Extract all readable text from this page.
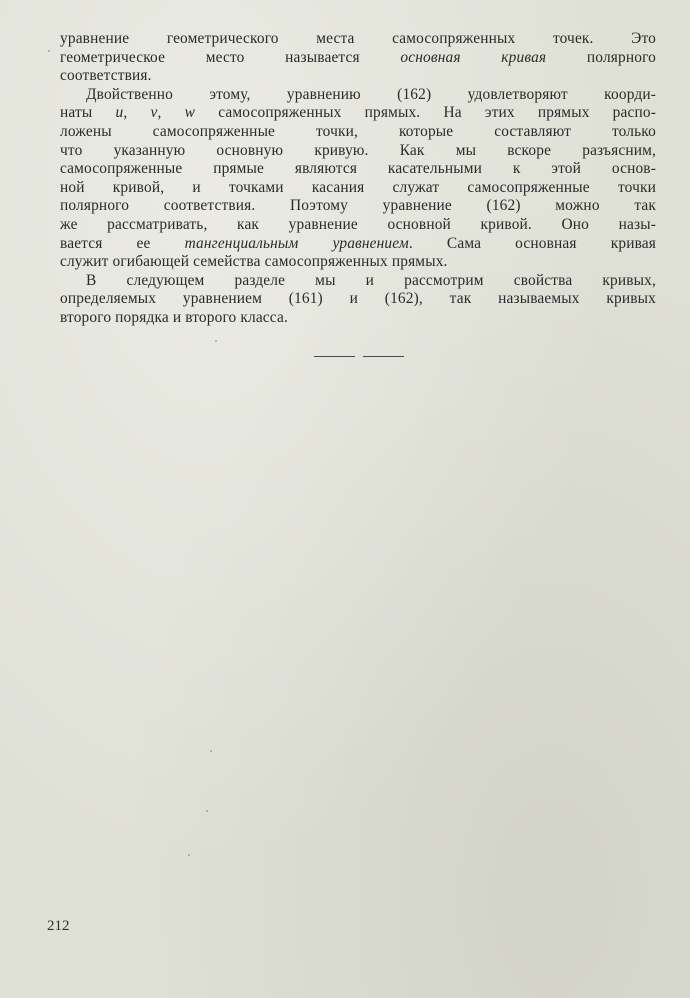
уравнение геометрического места самосопряженных точек. Это
геометрическое место называется основная кривая полярного
соответствия.

Двойственно этому, уравнению (162) удовлетворяют коорди-
наты u, v, w самосопряженных прямых. На этих прямых распо-
ложены самосопряженные точки, которые составляют только
что указанную основную кривую. Как мы вскоре разъясним,
самосопряженные прямые являются касательными к этой основ-
ной кривой, и точками касания служат самосопряженные точки
полярного соответствия. Поэтому уравнение (162) можно так
же рассматривать, как уравнение основной кривой. Оно назы-
вается ее тангенциальным уравнением. Сама основная кривая
служит огибающей семейства самосопряженных прямых.

В следующем разделе мы и рассмотрим свойства кривых,
определяемых уравнением (161) и (162), так называемых кривых
второго порядка и второго класса.

212
